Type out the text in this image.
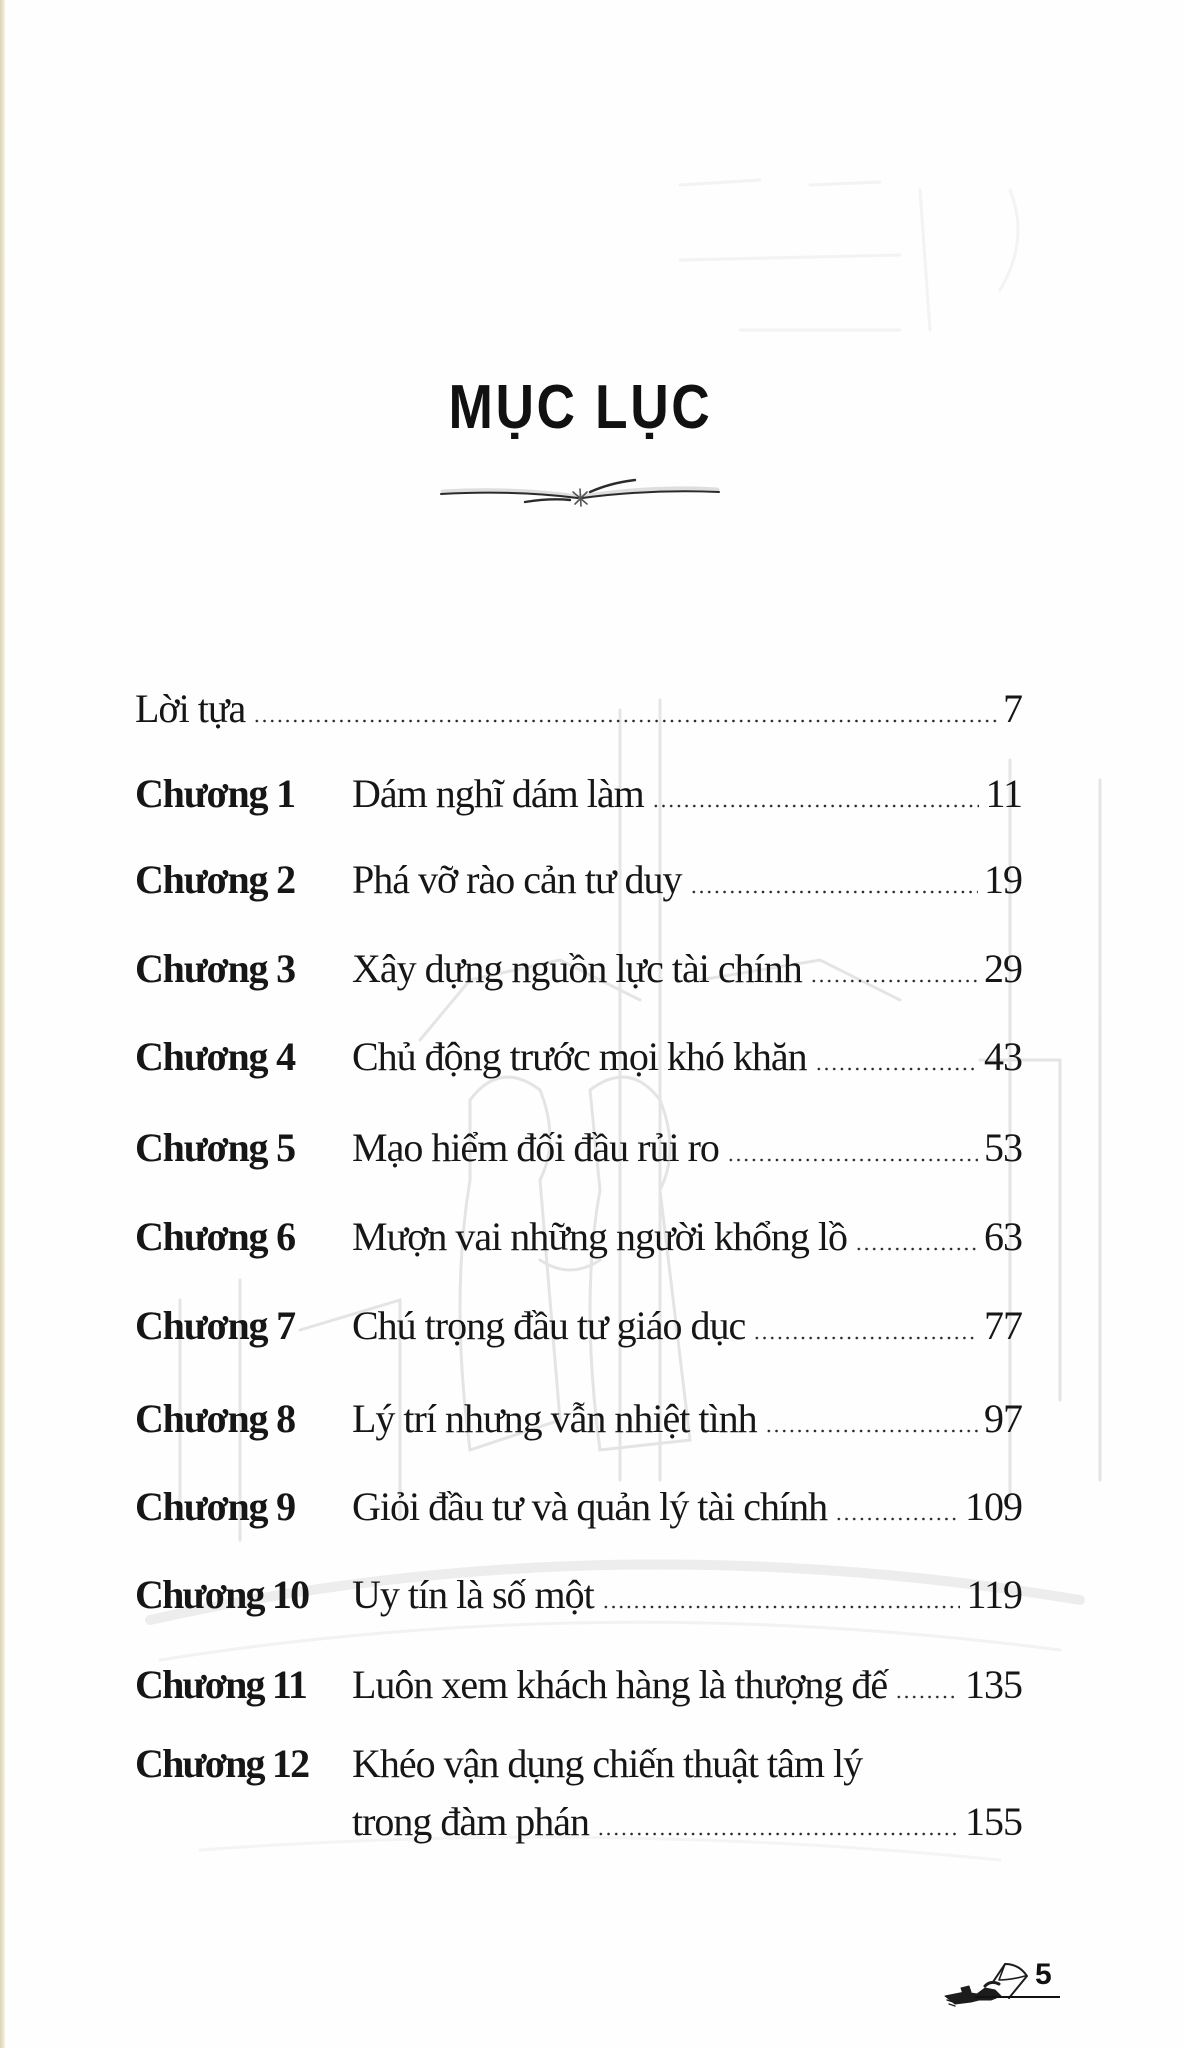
MỤC LỤC
Lời tựa	7
Chương 1	Dám nghĩ dám làm	11
Chương 2	Phá vỡ rào cản tư duy	19
Chương 3	Xây dựng nguồn lực tài chính	29
Chương 4	Chủ động trước mọi khó khăn	43
Chương 5	Mạo hiểm đối đầu rủi ro	53
Chương 6	Mượn vai những người khổng lồ	63
Chương 7	Chú trọng đầu tư giáo dục	77
Chương 8	Lý trí nhưng vẫn nhiệt tình	97
Chương 9	Giỏi đầu tư và quản lý tài chính	109
Chương 10	Uy tín là số một	119
Chương 11	Luôn xem khách hàng là thượng đế 135
Chương 12	Khéo vận dụng chiến thuật tâm lý
trong đàm phán	155
5
